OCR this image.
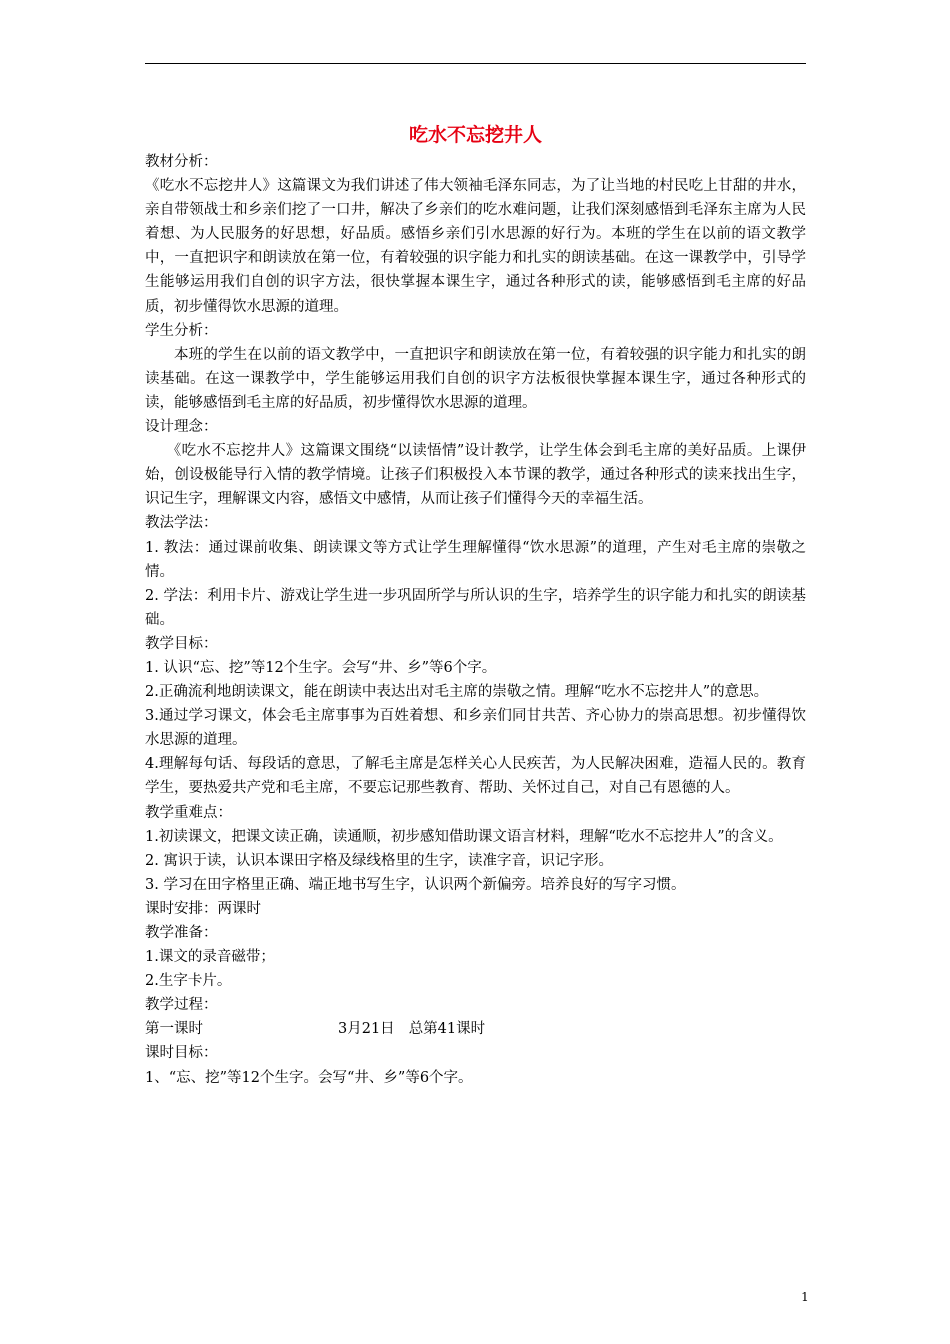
吃水不忘挖井人

教材分析：

《吃水不忘挖井人》这篇课文为我们讲述了伟大领袖毛泽东同志，为了让当地的村民吃上甘甜的井水，亲自带领战士和乡亲们挖了一口井，解决了乡亲们的吃水难问题，让我们深刻感悟到毛泽东主席为人民着想、为人民服务的好思想，好品质。感悟乡亲们引水思源的好行为。本班的学生在以前的语文教学中，一直把识字和朗读放在第一位，有着较强的识字能力和扎实的朗读基础。在这一课教学中，引导学生能够运用我们自创的识字方法，很快掌握本课生字，通过各种形式的读，能够感悟到毛主席的好品质，初步懂得饮水思源的道理。

学生分析：

本班的学生在以前的语文教学中，一直把识字和朗读放在第一位，有着较强的识字能力和扎实的朗读基础。在这一课教学中，学生能够运用我们自创的识字方法板很快掌握本课生字，通过各种形式的读，能够感悟到毛主席的好品质，初步懂得饮水思源的道理。

设计理念：

《吃水不忘挖井人》这篇课文围绕“以读悟情”设计教学，让学生体会到毛主席的美好品质。上课伊始，创设极能导行入情的教学情境。让孩子们积极投入本节课的教学，通过各种形式的读来找出生字，识记生字，理解课文内容，感悟文中感情，从而让孩子们懂得今天的幸福生活。

教法学法：

1. 教法：通过课前收集、朗读课文等方式让学生理解懂得“饮水思源”的道理，产生对毛主席的崇敬之情。

2. 学法：利用卡片、游戏让学生进一步巩固所学与所认识的生字，培养学生的识字能力和扎实的朗读基础。

教学目标：

1. 认识“忘、挖”等12个生字。会写“井、乡”等6个字。

2.正确流利地朗读课文，能在朗读中表达出对毛主席的崇敬之情。理解“吃水不忘挖井人”的意思。

3.通过学习课文，体会毛主席事事为百姓着想、和乡亲们同甘共苦、齐心协力的崇高思想。初步懂得饮水思源的道理。

4.理解每句话、每段话的意思，了解毛主席是怎样关心人民疾苦，为人民解决困难，造福人民的。教育学生，要热爱共产党和毛主席，不要忘记那些教育、帮助、关怀过自己，对自己有恩德的人。

教学重难点：

1.初读课文，把课文读正确，读通顺，初步感知借助课文语言材料，理解“吃水不忘挖井人”的含义。

2. 寓识于读，认识本课田字格及绿线格里的生字，读准字音，识记字形。

3. 学习在田字格里正确、端正地书写生字，认识两个新偏旁。培养良好的写字习惯。

课时安排：两课时

教学准备：

1.课文的录音磁带；

2.生字卡片。

教学过程：

第一课时	3月21日 总第41课时

课时目标：

1、“忘、挖”等12个生字。会写“井、乡”等6个字。

1
